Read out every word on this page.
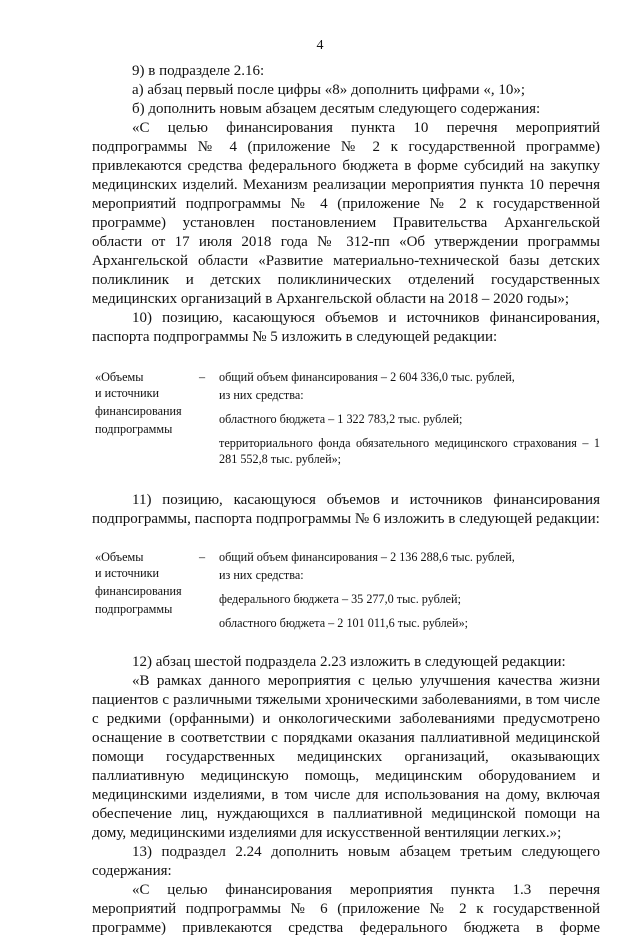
4

9) в подразделе 2.16:

а) абзац первый после цифры «8» дополнить цифрами «, 10»;

б) дополнить новым абзацем десятым следующего содержания:

«С целью финансирования пункта 10 перечня мероприятий подпрограммы № 4 (приложение № 2 к государственной программе) привлекаются средства федерального бюджета в форме субсидий на закупку медицинских изделий. Механизм реализации мероприятия пункта 10 перечня мероприятий подпрограммы № 4 (приложение № 2 к государственной программе) установлен постановлением Правительства Архангельской области от 17 июля 2018 года № 312-пп «Об утверждении программы Архангельской области «Развитие материально-технической базы детских поликлиник и детских поликлинических отделений государственных медицинских организаций в Архангельской области на 2018 – 2020 годы»;

10) позицию, касающуюся объемов и источников финансирования, паспорта подпрограммы № 5 изложить в следующей редакции:

«Объемы
и источники
финансирования
подпрограммы
–	общий объем финансирования – 2 604 336,0 тыс. рублей,
из них средства:
областного бюджета – 1 322 783,2 тыс. рублей;
территориального фонда обязательного медицинского страхования – 1 281 552,8 тыс. рублей»;

11) позицию, касающуюся объемов и источников финансирования подпрограммы, паспорта подпрограммы № 6 изложить в следующей редакции:

«Объемы
и источники
финансирования
подпрограммы
–	общий объем финансирования – 2 136 288,6 тыс. рублей,
из них средства:
федерального бюджета – 35 277,0 тыс. рублей;
областного бюджета – 2 101 011,6 тыс. рублей»;

12) абзац шестой подраздела 2.23 изложить в следующей редакции:

«В рамках данного мероприятия с целью улучшения качества жизни пациентов с различными тяжелыми хроническими заболеваниями, в том числе с редкими (орфанными) и онкологическими заболеваниями предусмотрено оснащение в соответствии с порядками оказания паллиативной медицинской помощи государственных медицинских организаций, оказывающих паллиативную медицинскую помощь, медицинским оборудованием и медицинскими изделиями, в том числе для использования на дому, включая обеспечение лиц, нуждающихся в паллиативной медицинской помощи на дому, медицинскими изделиями для искусственной вентиляции легких.»;

13) подраздел 2.24 дополнить новым абзацем третьим следующего содержания:

«С целью финансирования мероприятия пункта 1.3 перечня мероприятий подпрограммы № 6 (приложение № 2 к государственной программе) привлекаются средства федерального бюджета в форме
